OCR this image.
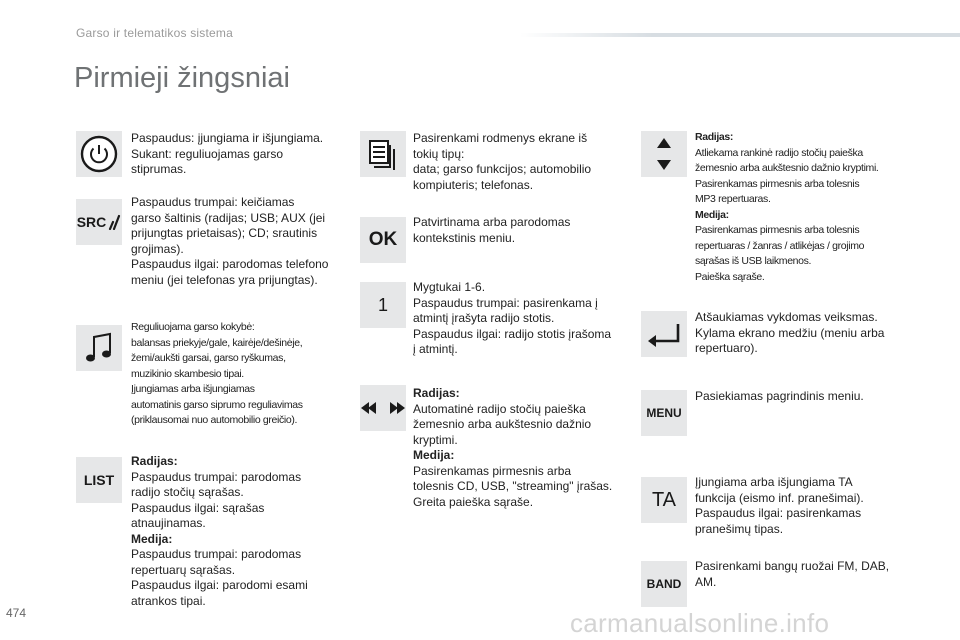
Garso ir telematikos sistema
Pirmieji žingsniai
Paspaudus: įjungiama ir išjungiama.
Sukant: reguliuojamas garso
stiprumas.
SRC
Paspaudus trumpai: keičiamas
garso šaltinis (radijas; USB; AUX (jei
prijungtas prietaisas); CD; srautinis
grojimas).
Paspaudus ilgai: parodomas telefono
meniu (jei telefonas yra prijungtas).
Reguliuojama garso kokybė:
balansas priekyje/gale, kairėje/dešinėje,
žemi/aukšti garsai, garso ryškumas,
muzikinio skambesio tipai.
Įjungiamas arba išjungiamas
automatinis garso siprumo reguliavimas
(priklausomai nuo automobilio greičio).
LIST
Radijas:
Paspaudus trumpai: parodomas
radijo stočių sąrašas.
Paspaudus ilgai: sąrašas
atnaujinamas.
Medija:
Paspaudus trumpai: parodomas
repertuarų sąrašas.
Paspaudus ilgai: parodomi esami
atrankos tipai.
Pasirenkami rodmenys ekrane iš
tokių tipų:
data; garso funkcijos; automobilio
kompiuteris; telefonas.
OK
Patvirtinama arba parodomas
kontekstinis meniu.
1
Mygtukai 1-6.
Paspaudus trumpai: pasirenkama į
atmintį įrašyta radijo stotis.
Paspaudus ilgai: radijo stotis įrašoma
į atmintį.
Radijas:
Automatinė radijo stočių paieška
žemesnio arba aukštesnio dažnio
kryptimi.
Medija:
Pasirenkamas pirmesnis arba
tolesnis CD, USB, "streaming" įrašas.
Greita paieška sąraše.
Radijas:
Atliekama rankinė radijo stočių paieška
žemesnio arba aukštesnio dažnio kryptimi.
Pasirenkamas pirmesnis arba tolesnis
MP3 repertuaras.
Medija:
Pasirenkamas pirmesnis arba tolesnis
repertuaras / žanras / atlikėjas / grojimo
sąrašas iš USB laikmenos.
Paieška sąraše.
Atšaukiamas vykdomas veiksmas.
Kylama ekrano medžiu (meniu arba
repertuaro).
MENU
Pasiekiamas pagrindinis meniu.
TA
Įjungiama arba išjungiama TA
funkcija (eismo inf. pranešimai).
Paspaudus ilgai: pasirenkamas
pranešimų tipas.
BAND
Pasirenkami bangų ruožai FM, DAB,
AM.
474	carmanualsonline.info
